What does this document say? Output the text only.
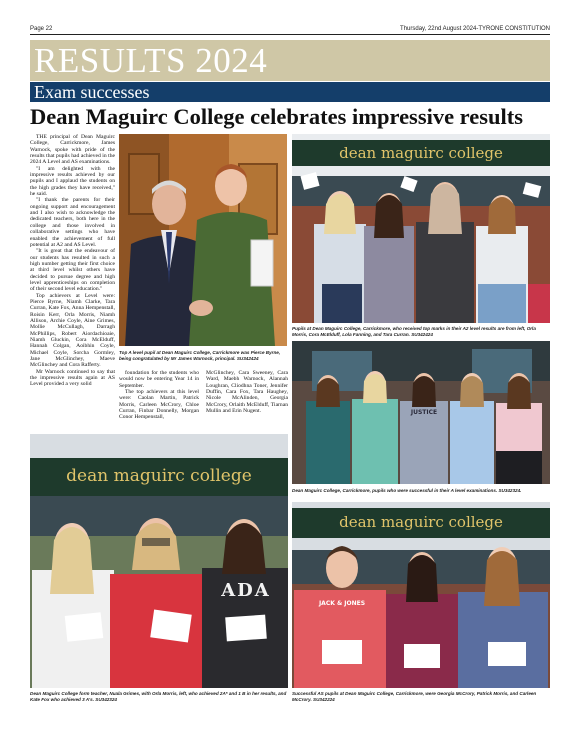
Page 22	Thursday, 22nd August 2024-TYRONE CONSTITUTION
RESULTS 2024
Exam successes
Dean Maguirc College celebrates impressive results

THE principal of Dean Maguirc College, Carrickmore, James Warnock, spoke with pride of the results that pupils had achieved in the 2024 A Level and AS examinations.

"I am delighted with the impressive results achieved by our pupils and I applaud the students on the high grades they have received," he said.

"I thank the parents for their ongoing support and encouragement and I also wish to acknowledge the dedicated teachers, both here in the college and those involved in collaborative settings who have enabled the achievement of full potential at A2 and AS Level.

"It is great that the endeavour of our students has resulted in such a high number getting their first choice at third level whilst others have decided to pursue degree and high level apprenticeships on completion of their second level education."

Top achievers at Level were: Pierce Byrne, Niamh Clarke, Tara Curran, Kate Fox, Anna Hempenstall, Roisin Kerr, Orla Morris, Niamh Allison, Archie Coyle, Aine Grimes, Mollie McCullagh, Darragh McPhillips, Robert Aiordachioaie, Niamh Gluckin, Cora McElduff, Hannah Colgan, Aoibhin Coyle, Michael Coyle, Sorcha Gormley, Jane McGlinchey, Maeve McGlinchey and Cora Rafferty.

Mr Warnock continued to say that the impressive results again at AS Level provided a very solid

Top A level pupil at Dean Maguirc College, Carrickmore was Pierce Byrne, being congratulated by Mr James Warnock, principal. SU342424

foundation for the students who would now be entering Year 14 in September.

The top achievers at this level were: Caolan Martin, Patrick Morris, Carleen McCrory, Chloe Curran, Finbar Donnelly, Morgan Conor Hempenstall,

McGlinchey, Cara Sweeney, Cara Ward, Maebh Warnock, Alannah Loughran, Cliodhna Toner, Jennifer Duffin, Cara Fox, Tara Haughey, Nicole McAlinden, Georgia McCrory, Orlaith McElduff, Tiarnan Mullin and Erin Nugent.

dean maguirc college
Pupils at Dean Maguirc College, Carrickmore, who received top marks in their A2 level results are from left, Orla Morris, Cora McElduff, Lola Fanning, and Tara Curran. SU342424
JUSTICE
Dean Maguirc College, Carrickmore, pupils who were successful in their A level examinations. SU342324.
dean maguirc college
ADA
Dean Maguirc College form teacher, Nuala Grimes, with Orla Morris, left, who achieved 2A* and 1 B in her results, and Kate Fox who achieved 3 A's. SU342324
dean maguirc college
JACK & JONES
Successful AS pupils at Dean Maguirc College, Carrickmore, were Georgia McCrory, Patrick Morris, and Carleen McCrory. SU342224
